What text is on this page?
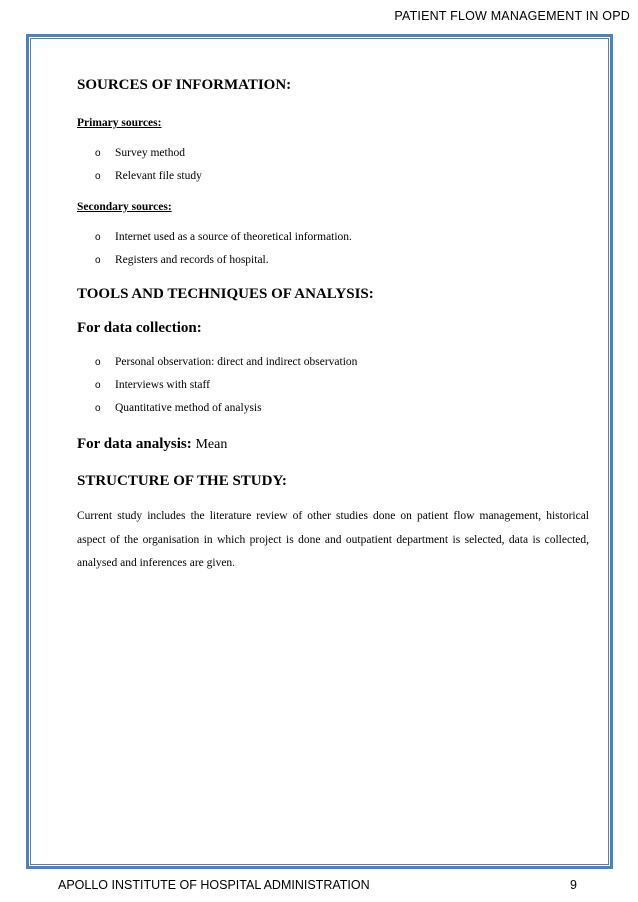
PATIENT FLOW MANAGEMENT IN OPD
SOURCES OF INFORMATION:
Primary sources:
o Survey method
o Relevant file study
Secondary sources:
o Internet used as a source of theoretical information.
o Registers and records of hospital.
TOOLS AND TECHNIQUES OF ANALYSIS:
For data collection:
o Personal observation: direct and indirect observation
o Interviews with staff
o Quantitative method of analysis
For data analysis: Mean
STRUCTURE OF THE STUDY:

Current study includes the literature review of other studies done on patient flow management, historical aspect of the organisation in which project is done and outpatient department is selected, data is collected, analysed and inferences are given.

APOLLO INSTITUTE OF HOSPITAL ADMINISTRATION	9
